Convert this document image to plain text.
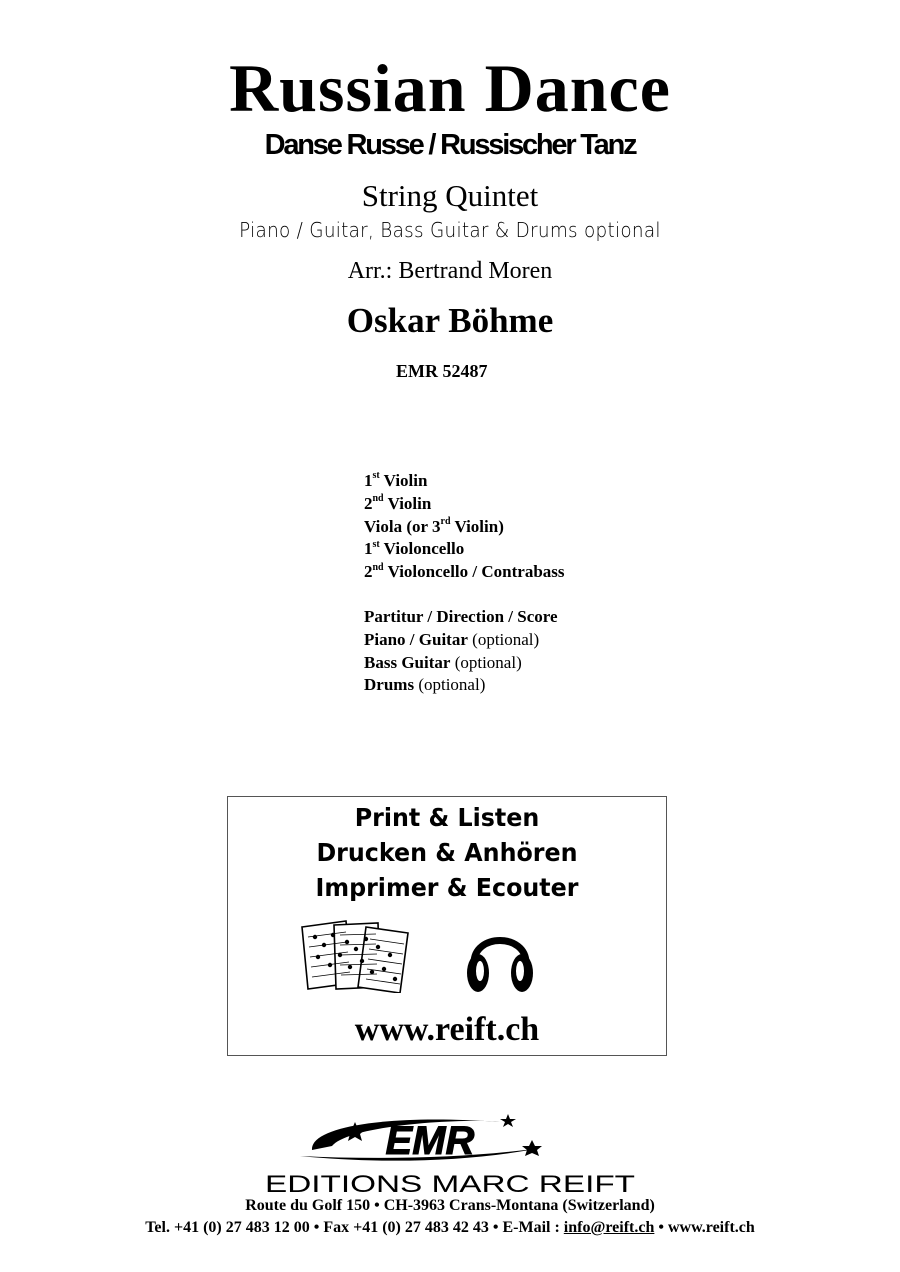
Russian Dance
Danse Russe / Russischer Tanz
String Quintet
Piano / Guitar, Bass Guitar & Drums optional
Arr.: Bertrand Moren
Oskar Böhme
EMR 52487
1st Violin
2nd Violin
Viola (or 3rd Violin)
1st Violoncello
2nd Violoncello / Contrabass
Partitur / Direction / Score
Piano / Guitar (optional)
Bass Guitar (optional)
Drums (optional)
Print & Listen
Drucken & Anhören
Imprimer & Ecouter
www.reift.ch
EMR
EDITIONS MARC REIFT
Route du Golf 150 • CH-3963 Crans-Montana (Switzerland)
Tel. +41 (0) 27 483 12 00 • Fax +41 (0) 27 483 42 43 • E-Mail : info@reift.ch • www.reift.ch
